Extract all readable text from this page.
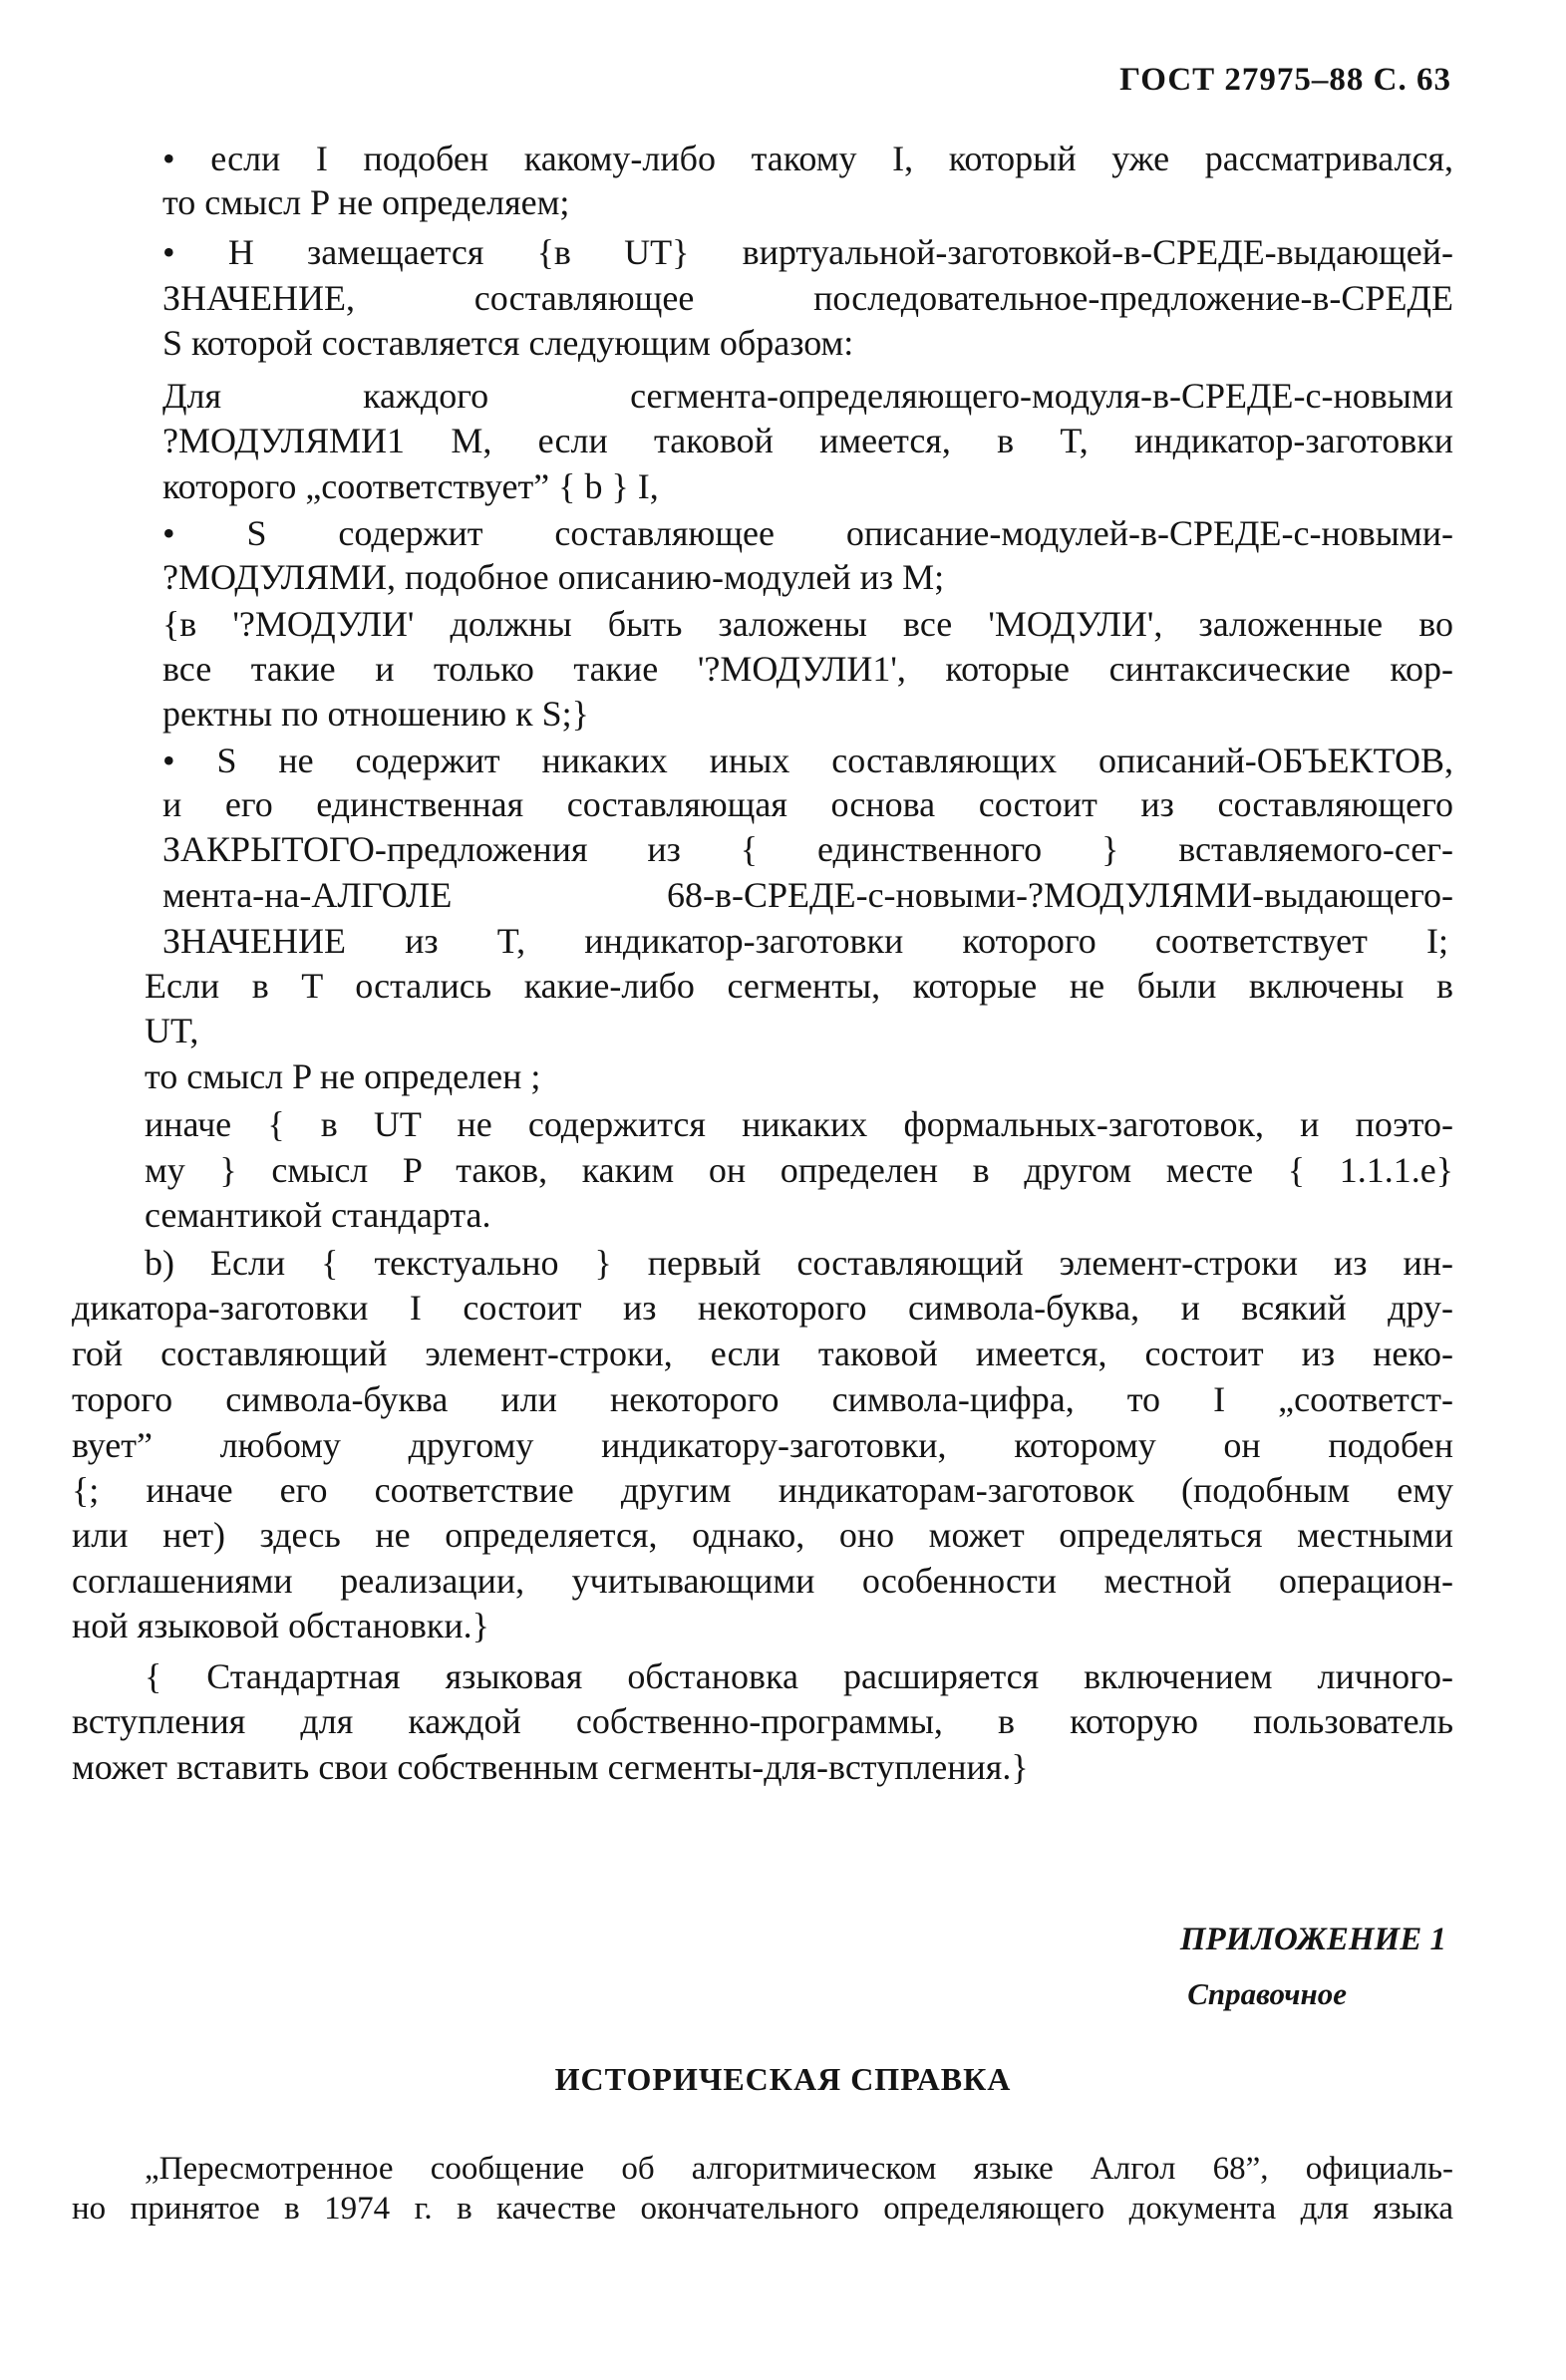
ГОСТ 27975–88 С. 63
• если I подобен какому-либо такому I, который уже рассматривался,
то смысл P не определяем;
• H замещается {в UT} виртуальной-заготовкой-в-СРЕДЕ-выдающей-
ЗНАЧЕНИЕ, составляющее последовательное-предложение-в-СРЕДЕ
S которой составляется следующим образом:
Для каждого сегмента-определяющего-модуля-в-СРЕДЕ-с-новыми
?МОДУЛЯМИ1 M, если таковой имеется, в T, индикатор-заготовки
которого „соответствует” { b } I,
• S содержит составляющее описание-модулей-в-СРЕДЕ-с-новыми-
?МОДУЛЯМИ, подобное описанию-модулей из M;
{в '?МОДУЛИ' должны быть заложены все 'МОДУЛИ', заложенные во
все такие и только такие '?МОДУЛИ1', которые синтаксические кор-
ректны по отношению к S;}
• S не содержит никаких иных составляющих описаний-ОБЪЕКТОВ,
и его единственная составляющая основа состоит из составляющего
ЗАКРЫТОГО-предложения из { единственного } вставляемого-сег-
мента-на-АЛГОЛЕ 68-в-СРЕДЕ-с-новыми-?МОДУЛЯМИ-выдающего-
ЗНАЧЕНИЕ из T, индикатор-заготовки которого соответствует I;
Если в T остались какие-либо сегменты, которые не были включены в
UT,
то смысл P не определен ;
иначе { в UT не содержится никаких формальных-заготовок, и поэто-
му } смысл P таков, каким он определен в другом месте { 1.1.1.e}
семантикой стандарта.
b) Если { текстуально } первый составляющий элемент-строки из ин-
дикатора-заготовки I состоит из некоторого символа-буква, и всякий дру-
гой составляющий элемент-строки, если таковой имеется, состоит из неко-
торого символа-буква или некоторого символа-цифра, то I „соответст-
вует” любому другому индикатору-заготовки, которому он подобен
{; иначе его соответствие другим индикаторам-заготовок (подобным ему
или нет) здесь не определяется, однако, оно может определяться местными
соглашениями реализации, учитывающими особенности местной операцион-
ной языковой обстановки.}
{ Стандартная языковая обстановка расширяется включением личного-
вступления для каждой собственно-программы, в которую пользователь
может вставить свои собственным сегменты-для-вступления.}
ПРИЛОЖЕНИЕ 1
Справочное
ИСТОРИЧЕСКАЯ СПРАВКА
„Пересмотренное сообщение об алгоритмическом языке Алгол 68”, официаль-
но принятое в 1974 г. в качестве окончательного определяющего документа для языка
